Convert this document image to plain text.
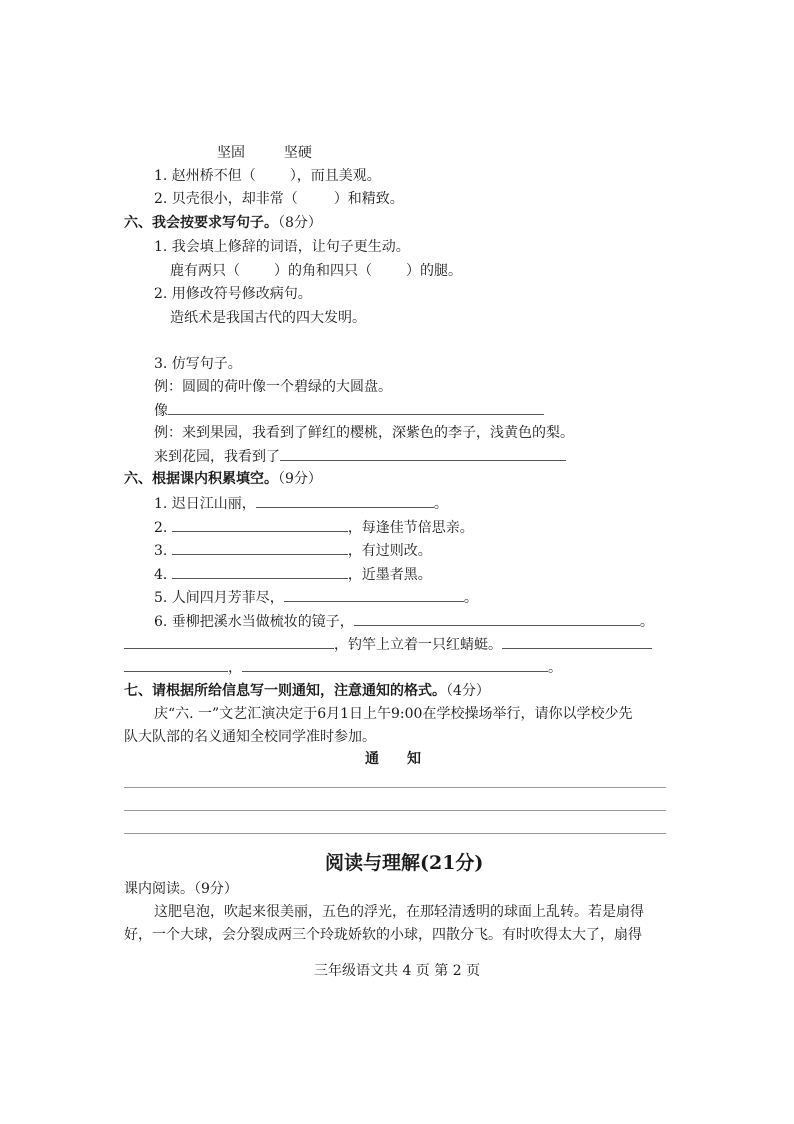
坚固	坚硬
1. 赵州桥不但（ ），而且美观。
2. 贝壳很小，却非常（	）和精致。
六、我会按要求写句子。（8分）
1. 我会填上修辞的词语，让句子更生动。
鹿有两只（ ）的角和四只（ ）的腿。
2. 用修改符号修改病句。
造纸术是我国古代的四大发明。
3. 仿写句子。
例：圆圆的荷叶像一个碧绿的大圆盘。
像
例：来到果园，我看到了鲜红的樱桃，深紫色的李子，浅黄色的梨。
来到花园，我看到了
六、根据课内积累填空。（9分）
1. 迟日江山丽，	。
2.	，每逢佳节倍思亲。
3.	，有过则改。
4.	，近墨者黑。
5. 人间四月芳菲尽，	。
6. 垂柳把溪水当做梳妆的镜子，	。
，钓竿上立着一只红蜻蜓。
，	。
七、请根据所给信息写一则通知，注意通知的格式。（4分）
庆“六. 一”文艺汇演决定于6月1日上午9:00在学校操场举行，请你以学校少先
队大队部的名义通知全校同学准时参加。
通　　知
阅读与理解(21分)
课内阅读。（9分）
这肥皂泡，吹起来很美丽，五色的浮光，在那轻清透明的球面上乱转。若是扇得
好，一个大球，会分裂成两三个玲珑娇软的小球，四散分飞。有时吹得太大了，扇得
三年级语文共 4 页 第 2 页
